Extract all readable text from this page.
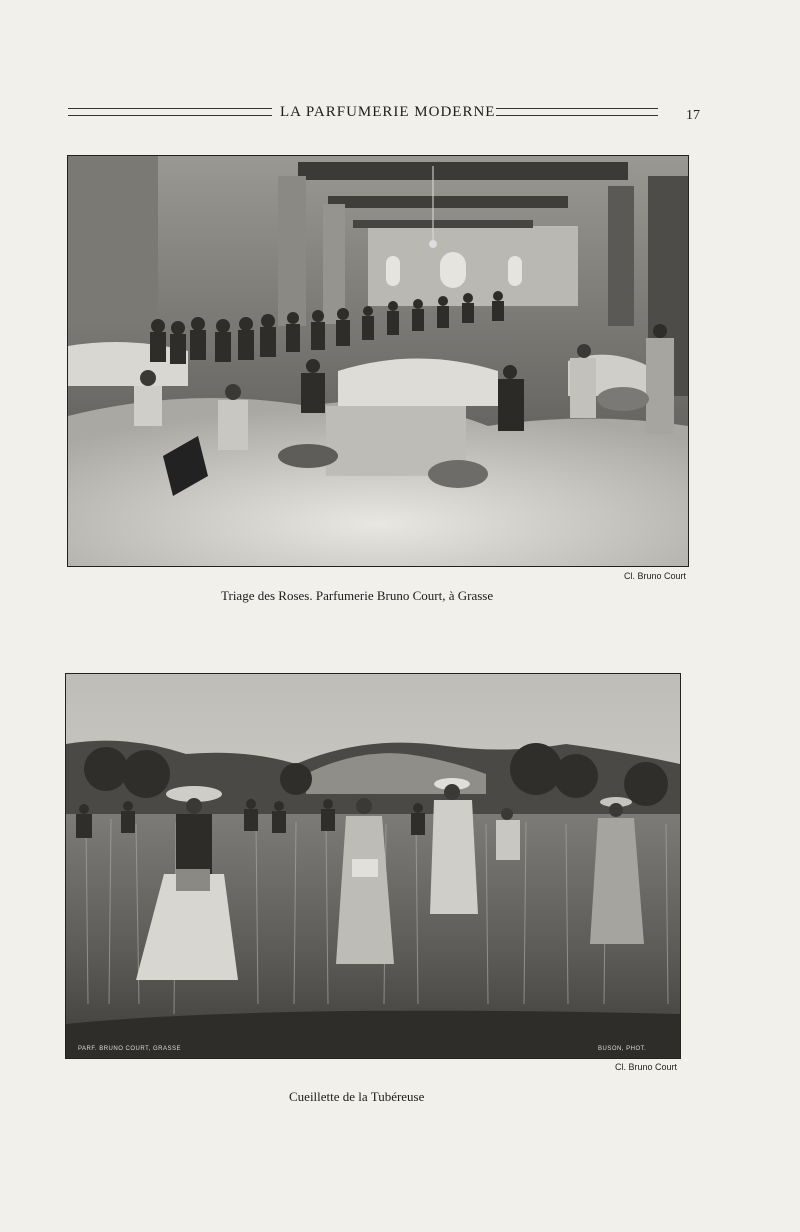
LA PARFUMERIE MODERNE	17
Cl. Bruno Court
Triage des Roses. Parfumerie Bruno Court, à Grasse
PARF. BRUNO COURT, GRASSE	BUSON, PHOT.
Cl. Bruno Court
Cueillette de la Tubéreuse
